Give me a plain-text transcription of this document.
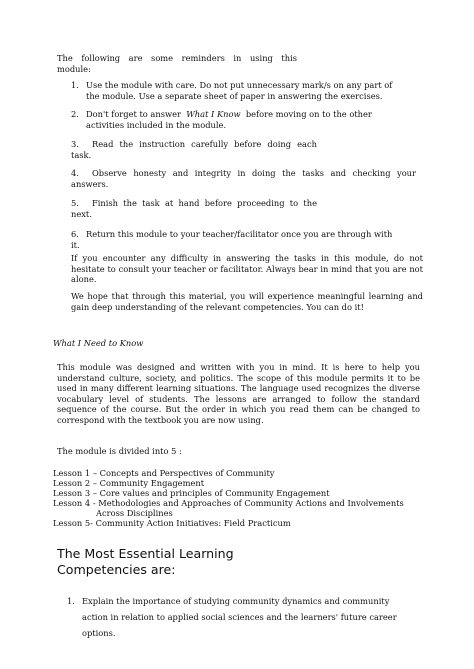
The following are some reminders in using this

module:

1. Use the module with care. Do not put unnecessary mark/s on any part of

the module. Use a separate sheet of paper in answering the exercises.

2. Don't forget to answer What I Know before moving on to the other

activities included in the module.

3. Read the instruction carefully before doing each

task.

4. Observe honesty and integrity in doing the tasks and checking your

answers.

5. Finish the task at hand before proceeding to the

next.

6. Return this module to your teacher/facilitator once you are through with

it.

If you encounter any difficulty in answering the tasks in this module, do not hesitate to consult your teacher or facilitator. Always bear in mind that you are not alone.

We hope that through this material, you will experience meaningful learning and gain deep understanding of the relevant competencies. You can do it!

What I Need to Know

This module was designed and written with you in mind. It is here to help you understand culture, society, and politics. The scope of this module permits it to be used in many different learning situations. The language used recognizes the diverse vocabulary level of students. The lessons are arranged to follow the standard sequence of the course. But the order in which you read them can be changed to correspond with the textbook you are now using.

The module is divided into 5 :

Lesson 1 – Concepts and Perspectives of Community

Lesson 2 – Community Engagement

Lesson 3 – Core values and principles of Community Engagement

Lesson 4 - Methodologies and Approaches of Community Actions and Involvements

Across Disciplines

Lesson 5- Community Action Initiatives: Field Practicum

The Most Essential Learning

Competencies are:

1. Explain the importance of studying community dynamics and community

action in relation to applied social sciences and the learners' future career

options.
